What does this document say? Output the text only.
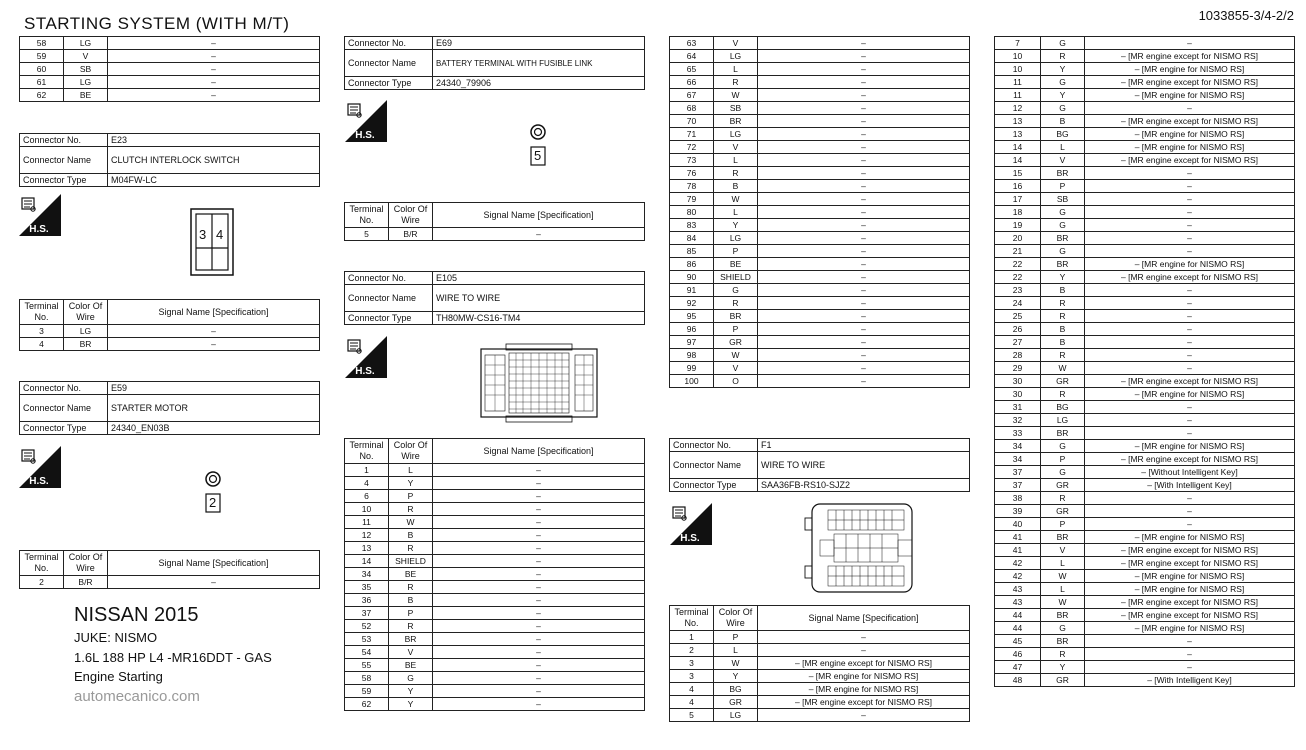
STARTING SYSTEM (WITH M/T)	1033855-3/4-2/2
58	LG	–
59	V	–
60	SB	–
61	LG	–
62	BE	–
Connector No.	E23
Connector Name	CLUTCH INTERLOCK SWITCH
Connector Type	M04FW-LC
H.S.	3 4
Terminal No.	Color Of Wire	Signal Name [Specification]
3	LG	–
4	BR	–
Connector No.	E59
Connector Name	STARTER MOTOR
Connector Type	24340_EN03B
H.S.
2
Terminal No.	Color Of Wire	Signal Name [Specification]
2	B/R	–
NISSAN 2015
JUKE: NISMO
1.6L 188 HP L4 -MR16DDT - GAS
Engine Starting
automecanico.com
Connector No.	E69
Connector Name	BATTERY TERMINAL WITH FUSIBLE LINK
Connector Type	24340_79906
H.S.
5
Terminal No.	Color Of Wire	Signal Name [Specification]
5	B/R	–
Connector No.	E105
Connector Name	WIRE TO WIRE
Connector Type	TH80MW-CS16-TM4
H.S.
Terminal No.	Color Of Wire	Signal Name [Specification]
1	L	–
4	Y	–
6	P	–
10	R	–
11	W	–
12	B	–
13	R	–
14	SHIELD	–
34	BE	–
35	R	–
36	B	–
37	P	–
52	R	–
53	BR	–
54	V	–
55	BE	–
58	G	–
59	Y	–
62	Y	–
63	V	–
64	LG	–
65	L	–
66	R	–
67	W	–
68	SB	–
70	BR	–
71	LG	–
72	V	–
73	L	–
76	R	–
78	B	–
79	W	–
80	L	–
83	Y	–
84	LG	–
85	P	–
86	BE	–
90	SHIELD	–
91	G	–
92	R	–
95	BR	–
96	P	–
97	GR	–
98	W	–
99	V	–
100	O	–
Connector No.	F1
Connector Name	WIRE TO WIRE
Connector Type	SAA36FB-RS10-SJZ2
H.S.
Terminal No.	Color Of Wire	Signal Name [Specification]
1	P	–
2	L	–
3	W	– [MR engine except for NISMO RS]
3	Y	– [MR engine for NISMO RS]
4	BG	– [MR engine for NISMO RS]
4	GR	– [MR engine except for NISMO RS]
5	LG	–
7	G	–
10	R	– [MR engine except for NISMO RS]
10	Y	– [MR engine for NISMO RS]
11	G	– [MR engine except for NISMO RS]
11	Y	– [MR engine for NISMO RS]
12	G	–
13	B	– [MR engine except for NISMO RS]
13	BG	– [MR engine for NISMO RS]
14	L	– [MR engine for NISMO RS]
14	V	– [MR engine except for NISMO RS]
15	BR	–
16	P	–
17	SB	–
18	G	–
19	G	–
20	BR	–
21	G	–
22	BR	– [MR engine for NISMO RS]
22	Y	– [MR engine except for NISMO RS]
23	B	–
24	R	–
25	R	–
26	B	–
27	B	–
28	R	–
29	W	–
30	GR	– [MR engine except for NISMO RS]
30	R	– [MR engine for NISMO RS]
31	BG	–
32	LG	–
33	BR	–
34	G	– [MR engine for NISMO RS]
34	P	– [MR engine except for NISMO RS]
37	G	– [Without Intelligent Key]
37	GR	– [With Intelligent Key]
38	R	–
39	GR	–
40	P	–
41	BR	– [MR engine for NISMO RS]
41	V	– [MR engine except for NISMO RS]
42	L	– [MR engine except for NISMO RS]
42	W	– [MR engine for NISMO RS]
43	L	– [MR engine for NISMO RS]
43	W	– [MR engine except for NISMO RS]
44	BR	– [MR engine except for NISMO RS]
44	G	– [MR engine for NISMO RS]
45	BR	–
46	R	–
47	Y	–
48	GR	– [With Intelligent Key]
